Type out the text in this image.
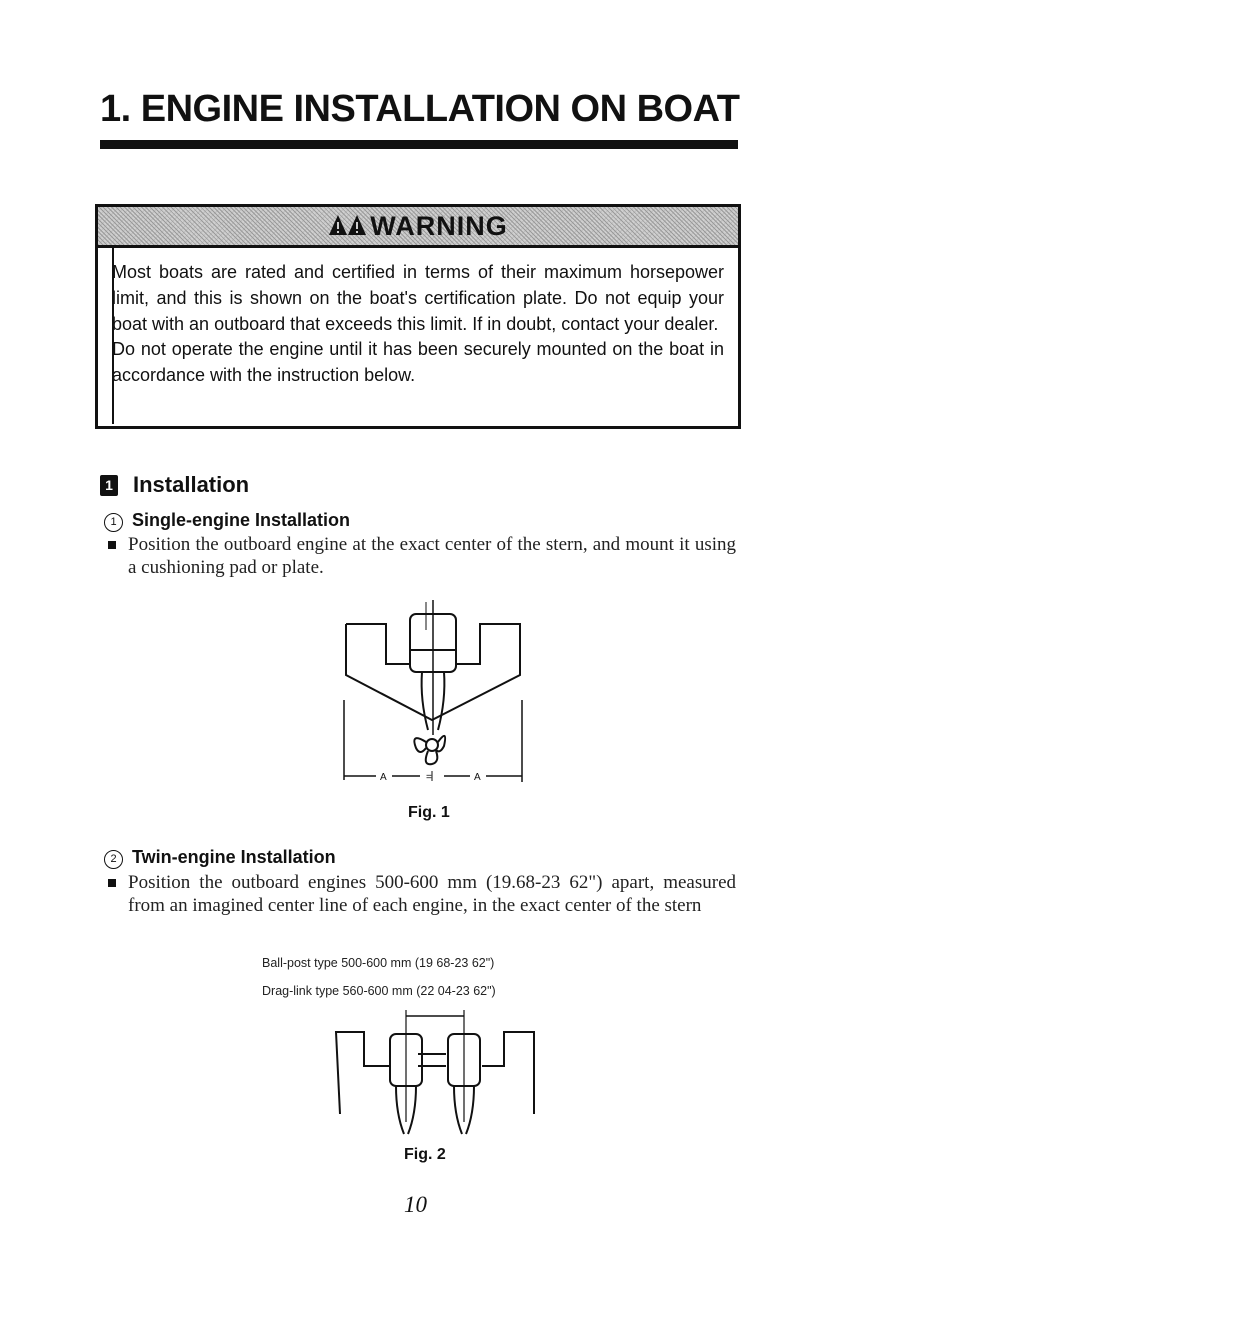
1. ENGINE INSTALLATION ON BOAT
WARNING

Most boats are rated and certified in terms of their maximum horsepower limit, and this is shown on the boat's certification plate. Do not equip your boat with an outboard that exceeds this limit. If in doubt, contact your dealer.
Do not operate the engine until it has been securely mounted on the boat in accordance with the instruction below.

1 Installation
1 Single-engine Installation

Position the outboard engine at the exact center of the stern, and mount it using a cushioning pad or plate.

A	=	A
Fig. 1
2 Twin-engine Installation

Position the outboard engines 500-600 mm (19.68-23 62") apart, measured from an imagined center line of each engine, in the exact center of the stern

Ball-post type 500-600 mm (19 68-23 62")
Drag-link type 560-600 mm (22 04-23 62")
Fig. 2
10
